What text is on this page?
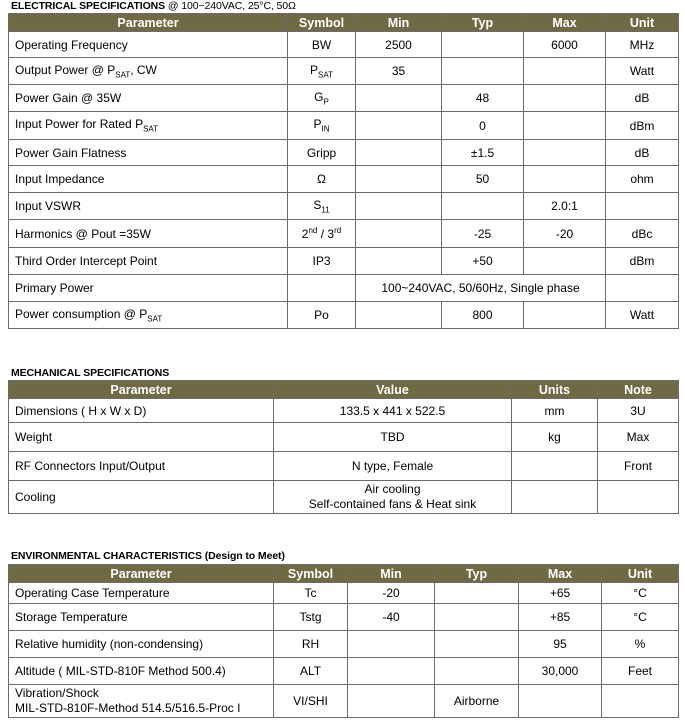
ELECTRICAL SPECIFICATIONS @ 100~240VAC, 25°C, 50Ω
Parameter	Symbol	Min	Typ	Max	Unit
Operating Frequency	BW	2500		6000	MHz
Output Power @ $P_{SAT}$, CW	$P_{SAT}$	35			Watt
Power Gain @ 35W	$G_P$		48		dB
Input Power for Rated $P_{SAT}$	$P_{IN}$		0		dBm
Power Gain Flatness	Gripp		±1.5		dB
Input Impedance	Ω		50		ohm
Input VSWR	$S_{11}$			2.0:1	
Harmonics @ Pout =35W	2nd / 3rd		-25	-20	dBc
Third Order Intercept Point	IP3		+50		dBm
Primary Power		100~240VAC, 50/60Hz, Single phase			
Power consumption @ $P_{SAT}$	Po		800		Watt
MECHANICAL SPECIFICATIONS
Parameter	Value	Units	Note
Dimensions ( H x W x D)	133.5 x 441 x 522.5	mm	3U
Weight	TBD	kg	Max
RF Connectors Input/Output	N type, Female		Front
Cooling	Air cooling
Self-contained fans & Heat sink		

ENVIRONMENTAL CHARACTERISTICS (Design to Meet)
Parameter	Symbol	Min	Typ	Max	Unit
Operating Case Temperature	Tc	-20		+65	°C
Storage Temperature	Tstg	-40		+85	°C
Relative humidity (non-condensing)	RH			95	%
Altitude ( MIL-STD-810F Method 500.4)	ALT			30,000	Feet

Vibration/Shock
MIL-STD-810F-Method 514.5/516.5-Proc I	VI/SHI		Airborne		
